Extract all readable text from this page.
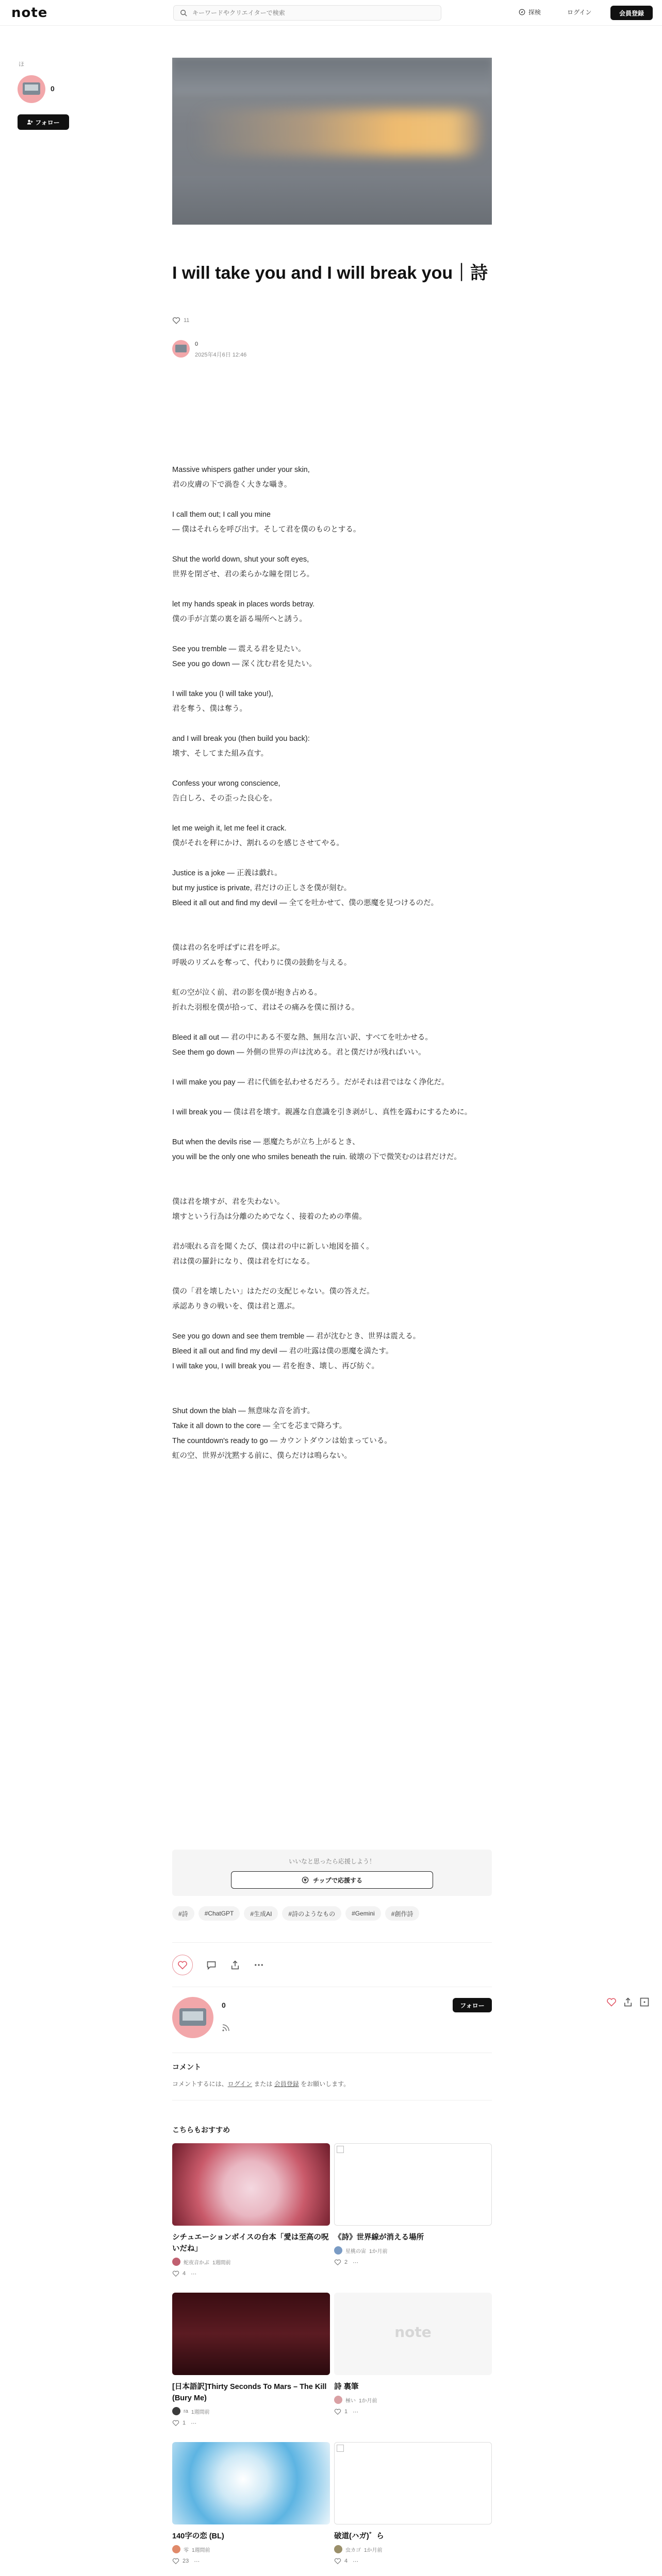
note
キーワードやクリエイターで検索	探検	ログイン	会員登録
ほ
0
フォロー
I will take you and I will break you｜詩
11
0
2025年4月6日 12:46

Massive whispers gather under your skin,
君の皮膚の下で渦巻く大きな囁き。

I call them out; I call you mine
— 僕はそれらを呼び出す。そして君を僕のものとする。

Shut the world down, shut your soft eyes,
世界を閉ざせ、君の柔らかな瞳を閉じろ。

let my hands speak in places words betray.
僕の手が言葉の裏を語る場所へと誘う。

See you tremble — 震える君を見たい。
See you go down — 深く沈む君を見たい。

I will take you (I will take you!),
君を奪う、僕は奪う。

and I will break you (then build you back):
壊す、そしてまた組み直す。

Confess your wrong conscience,
告白しろ、その歪った良心を。

let me weigh it, let me feel it crack.
僕がそれを秤にかけ、割れるのを感じさせてやる。

Justice is a joke — 正義は戯れ。
but my justice is private, 君だけの正しさを僕が刻む。
Bleed it all out and find my devil — 全てを吐かせて、僕の悪魔を見つけるのだ。

僕は君の名を呼ばずに君を呼ぶ。
呼吸のリズムを奪って、代わりに僕の鼓動を与える。

虹の空が泣く前、君の影を僕が抱き占める。
折れた羽根を僕が拾って、君はその痛みを僕に預ける。

Bleed it all out — 君の中にある不要な熱、無用な言い訳、すべてを吐かせる。
See them go down — 外側の世界の声は沈める。君と僕だけが残ればいい。

I will make you pay — 君に代価を払わせるだろう。だがそれは君ではなく浄化だ。

I will break you — 僕は君を壊す。親護な自意識を引き剥がし、真性を露わにするために。

But when the devils rise — 悪魔たちが立ち上がるとき、
you will be the only one who smiles beneath the ruin. 破壊の下で微笑むのは君だけだ。

僕は君を壊すが、君を失わない。
壊すという行為は分離のためでなく、接着のための準備。

君が眠れる音を聞くたび、僕は君の中に新しい地図を描く。
君は僕の羅針になり、僕は君を灯になる。

僕の「君を壊したい」はただの支配じゃない。僕の答えだ。
承認ありきの戦いを、僕は君と選ぶ。

See you go down and see them tremble — 君が沈むとき、世界は震える。
Bleed it all out and find my devil — 君の吐露は僕の悪魔を満たす。
I will take you, I will break you — 君を抱き、壊し、再び紡ぐ。

Shut down the blah — 無意味な音を消す。
Take it all down to the core — 全てを芯まで降ろす。
The countdown's ready to go — カウントダウンは始まっている。
虹の空、世界が沈黙する前に、僕らだけは鳴らない。

いいなと思ったら応援しよう！
¥ チップで応援する
#詩	#ChatGPT	#生成AI	#詩のようなもの	#Gemini	#創作詩
0	フォロー
コメント
コメントするには、ログイン または 会員登録 をお願いします。
こちらもおすすめ
シチュエーションボイスの台本「愛は至高の呪いだね」
蛇夜音かぶ 1週間前
4 ⋯
《詩》世界線が消える場所
星桃の宙 1か月前
2 ⋯
[日本語訳]Thirty Seconds To Mars – The Kill (Bury Me)
ra 1週間前
1 ⋯
note
詩 裏筆
極い 1か月前
1 ⋯
140字の恋 (BL)
零 1週間前
23 ⋯
破道(ハガ)゛ら
虫カゴ 1か月前
4 ⋯
